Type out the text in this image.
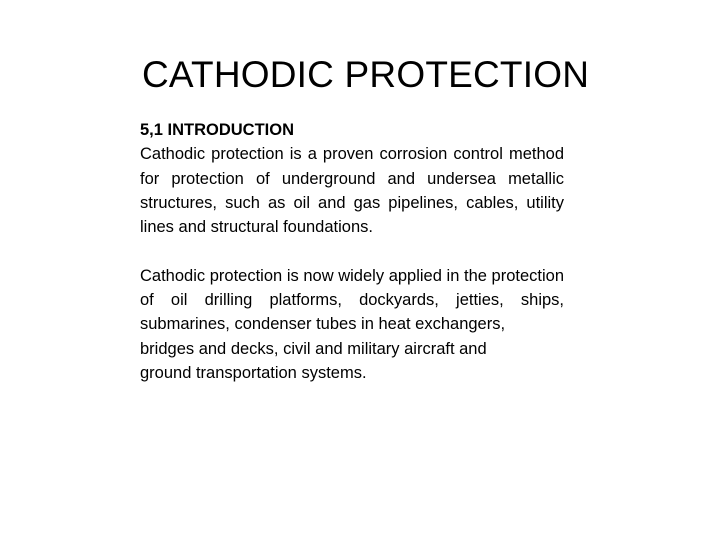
CATHODIC PROTECTION
5,1 INTRODUCTION

Cathodic protection is a proven corrosion control method for protection of underground and undersea metallic structures, such as oil and gas pipelines, cables, utility lines and structural foundations.

Cathodic protection is now widely applied in the protection of oil drilling platforms, dockyards, jetties, ships, submarines, condenser tubes in heat exchangers,

bridges and decks, civil and military aircraft and
ground transportation systems.
